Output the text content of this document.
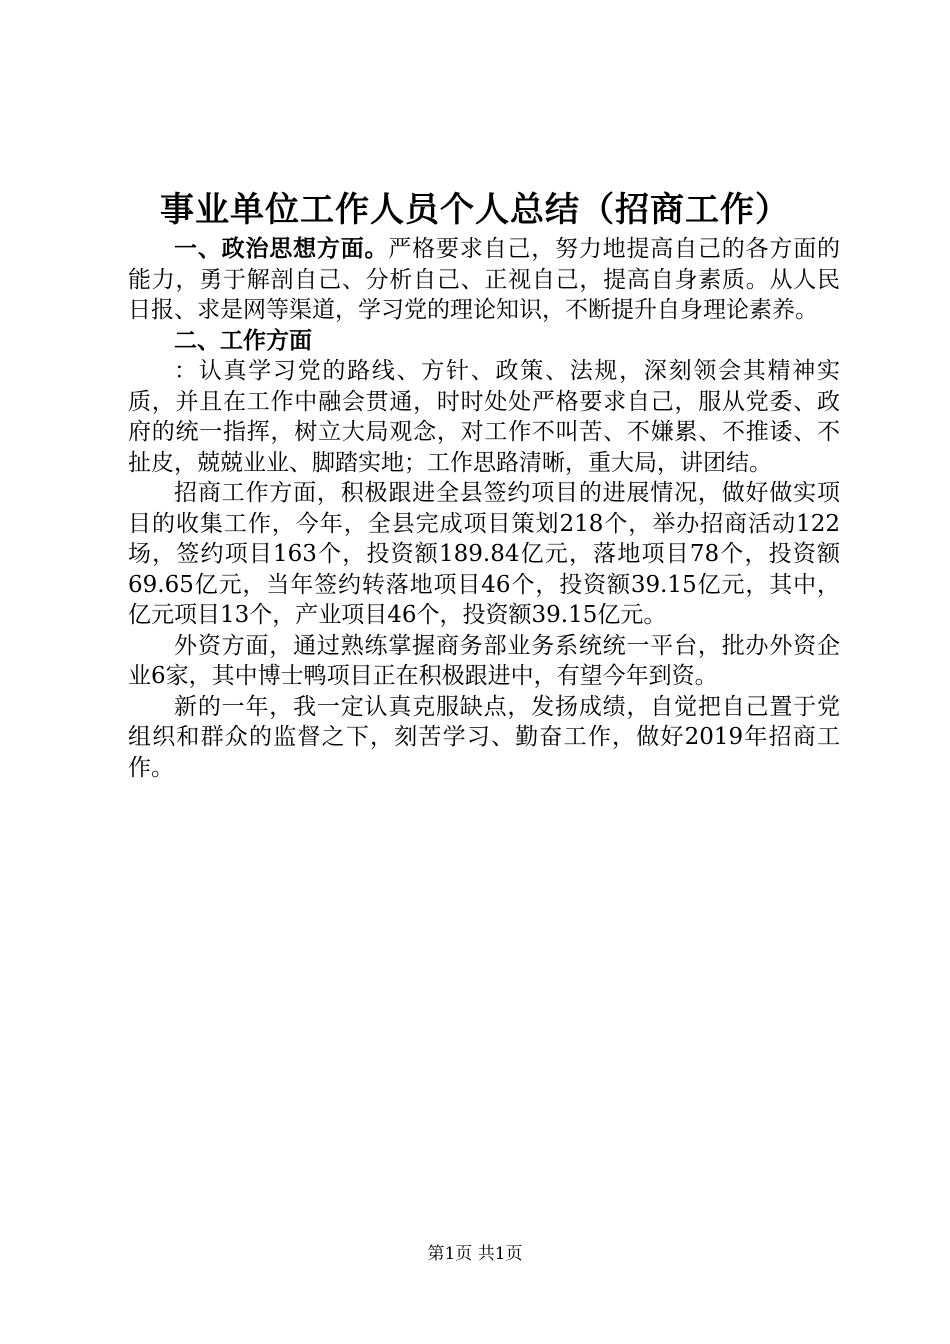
事业单位工作人员个人总结（招商工作）

一、政治思想方面。严格要求自己，努力地提高自己的各方面的能力，勇于解剖自己、分析自己、正视自己，提高自身素质。从人民日报、求是网等渠道，学习党的理论知识，不断提升自身理论素养。

二、工作方面

：认真学习党的路线、方针、政策、法规，深刻领会其精神实质，并且在工作中融会贯通，时时处处严格要求自己，服从党委、政府的统一指挥，树立大局观念，对工作不叫苦、不嫌累、不推诿、不扯皮，兢兢业业、脚踏实地；工作思路清晰，重大局，讲团结。

招商工作方面，积极跟进全县签约项目的进展情况，做好做实项目的收集工作，今年，全县完成项目策划218个，举办招商活动122场，签约项目163个，投资额189.84亿元，落地项目78个，投资额69.65亿元，当年签约转落地项目46个，投资额39.15亿元，其中，亿元项目13个，产业项目46个，投资额39.15亿元。

外资方面，通过熟练掌握商务部业务系统统一平台，批办外资企业6家，其中博士鸭项目正在积极跟进中，有望今年到资。

新的一年，我一定认真克服缺点，发扬成绩，自觉把自己置于党组织和群众的监督之下，刻苦学习、勤奋工作，做好2019年招商工作。

第1页 共1页
